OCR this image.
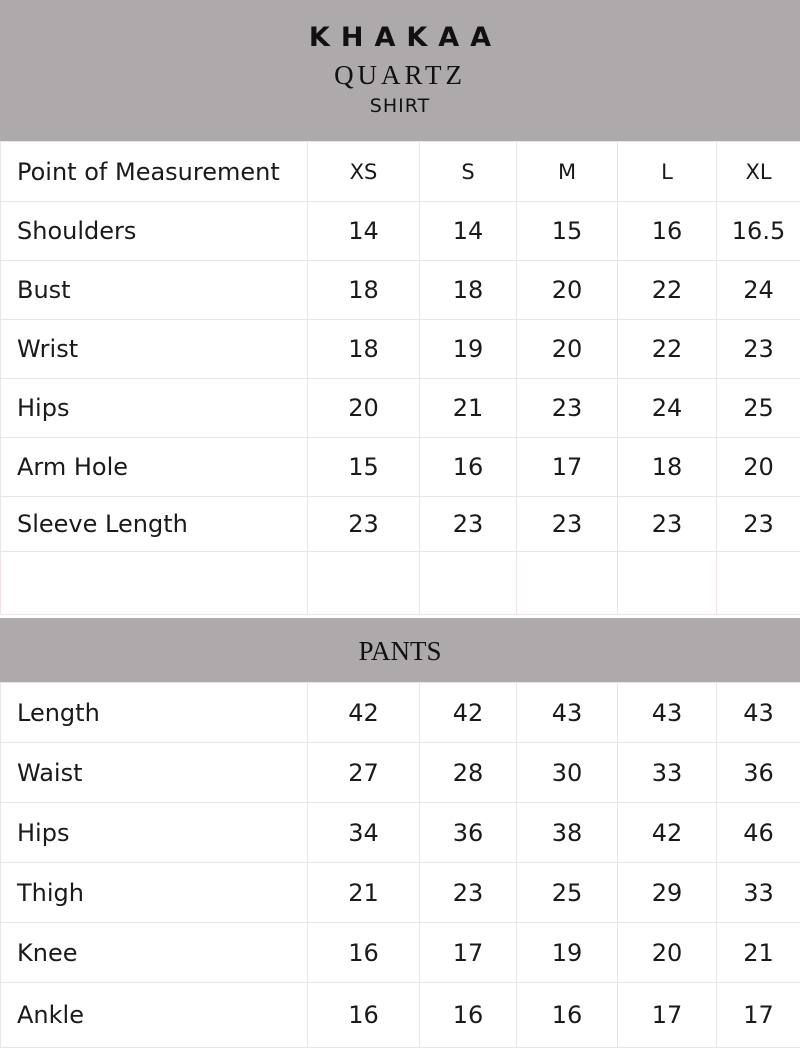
KHAKAA
QUARTZ
SHIRT
Point of Measurement	XS	S	M	L	XL
Shoulders	14	14	15	16	16.5
Bust	18	18	20	22	24
Wrist	18	19	20	22	23
Hips	20	21	23	24	25
Arm Hole	15	16	17	18	20
Sleeve Length	23	23	23	23	23

PANTS
Length	42	42	43	43	43
Waist	27	28	30	33	36
Hips	34	36	38	42	46
Thigh	21	23	25	29	33
Knee	16	17	19	20	21
Ankle	16	16	16	17	17
